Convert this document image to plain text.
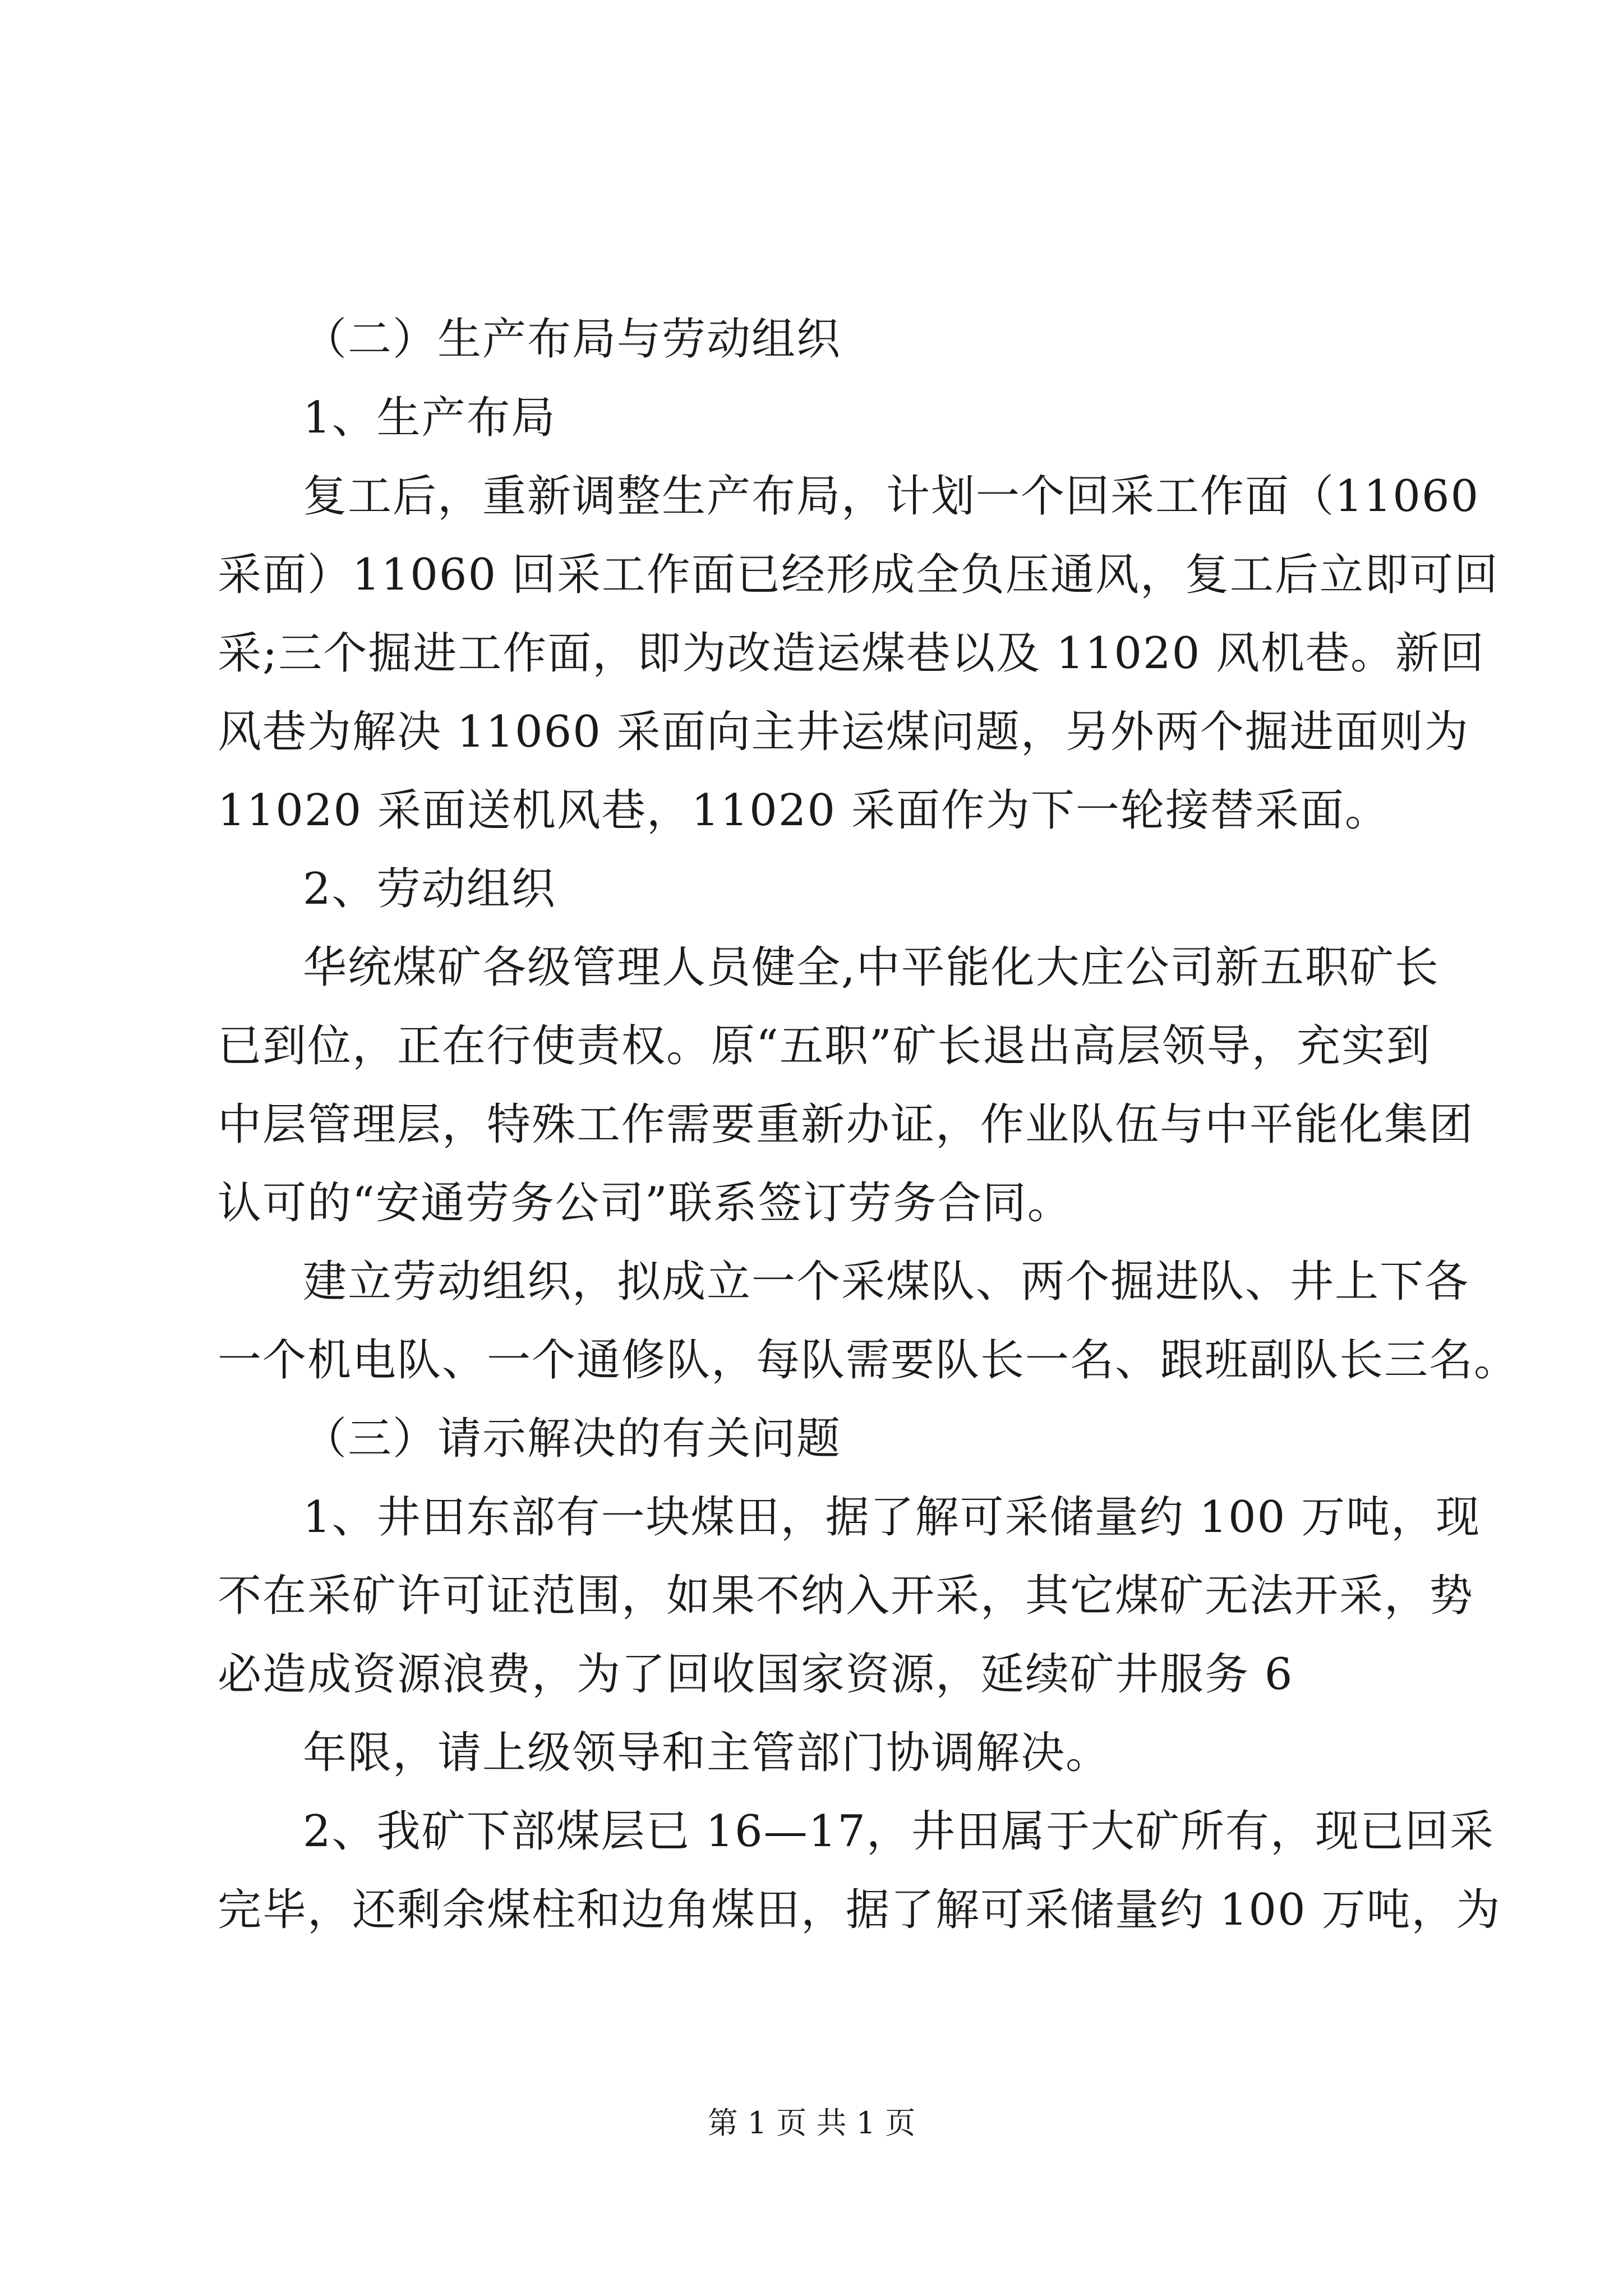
（二）生产布局与劳动组织
1、生产布局
复工后，重新调整生产布局，计划一个回采工作面（11060
采面）11060 回采工作面已经形成全负压通风，复工后立即可回
采;三个掘进工作面，即为改造运煤巷以及 11020 风机巷。新回
风巷为解决 11060 采面向主井运煤问题，另外两个掘进面则为
11020 采面送机风巷，11020 采面作为下一轮接替采面。
2、劳动组织
华统煤矿各级管理人员健全,中平能化大庄公司新五职矿长
已到位，正在行使责权。原“五职”矿长退出高层领导，充实到
中层管理层，特殊工作需要重新办证，作业队伍与中平能化集团
认可的“安通劳务公司”联系签订劳务合同。
建立劳动组织，拟成立一个采煤队、两个掘进队、井上下各
一个机电队、一个通修队，每队需要队长一名、跟班副队长三名。
（三）请示解决的有关问题
1、井田东部有一块煤田，据了解可采储量约 100 万吨，现
不在采矿许可证范围，如果不纳入开采，其它煤矿无法开采，势
必造成资源浪费，为了回收国家资源，延续矿井服务 6
年限，请上级领导和主管部门协调解决。
2、我矿下部煤层已 16—17，井田属于大矿所有，现已回采
完毕，还剩余煤柱和边角煤田，据了解可采储量约 100 万吨，为
第 1 页 共 1 页
